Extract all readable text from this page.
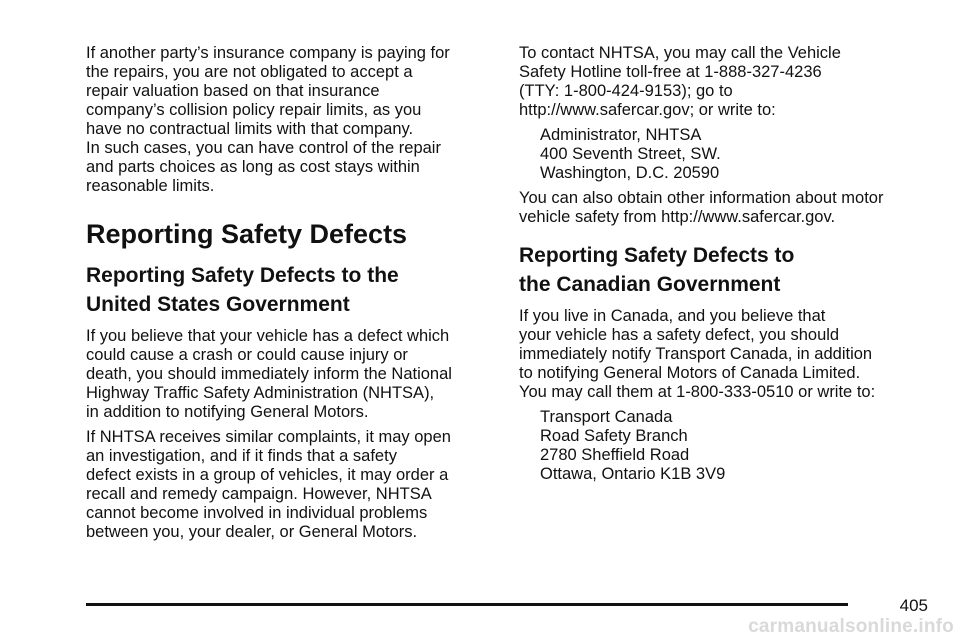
If another party’s insurance company is paying for
the repairs, you are not obligated to accept a
repair valuation based on that insurance
company’s collision policy repair limits, as you
have no contractual limits with that company.
In such cases, you can have control of the repair
and parts choices as long as cost stays within
reasonable limits.

Reporting Safety Defects
Reporting Safety Defects to the
United States Government

If you believe that your vehicle has a defect which
could cause a crash or could cause injury or
death, you should immediately inform the National
Highway Traffic Safety Administration (NHTSA),
in addition to notifying General Motors.

If NHTSA receives similar complaints, it may open
an investigation, and if it finds that a safety
defect exists in a group of vehicles, it may order a
recall and remedy campaign. However, NHTSA
cannot become involved in individual problems
between you, your dealer, or General Motors.

To contact NHTSA, you may call the Vehicle
Safety Hotline toll-free at 1-888-327-4236
(TTY: 1-800-424-9153); go to
http://www.safercar.gov; or write to:

Administrator, NHTSA
400 Seventh Street, SW.
Washington, D.C. 20590

You can also obtain other information about motor
vehicle safety from http://www.safercar.gov.

Reporting Safety Defects to
the Canadian Government

If you live in Canada, and you believe that
your vehicle has a safety defect, you should
immediately notify Transport Canada, in addition
to notifying General Motors of Canada Limited.
You may call them at 1-800-333-0510 or write to:

Transport Canada
Road Safety Branch
2780 Sheffield Road
Ottawa, Ontario K1B 3V9

405
carmanualsonline.info
